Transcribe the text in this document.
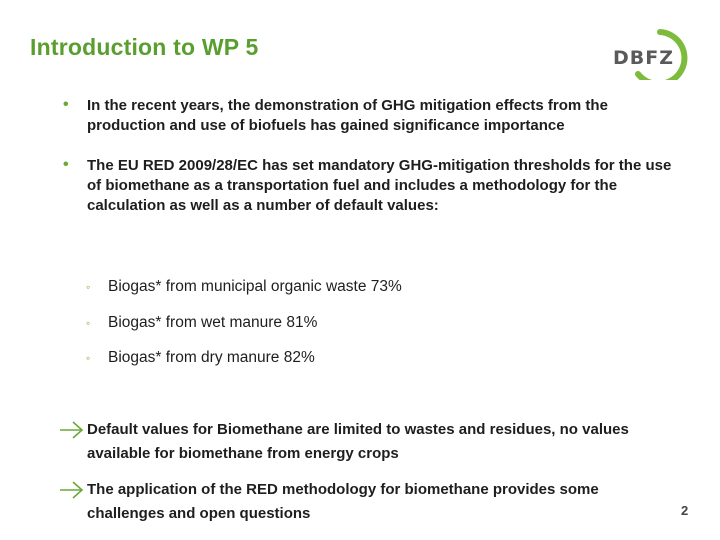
Introduction to WP 5	DBFZ
• In the recent years, the demonstration of GHG mitigation effects from the production and use of biofuels has gained significance importance
• The EU RED 2009/28/EC has set mandatory GHG-mitigation thresholds for the use of biomethane as a transportation fuel and includes a methodology for the calculation as well as a number of default values:
◦ Biogas* from municipal organic waste 73%
◦ Biogas* from wet manure 81%
◦ Biogas* from dry manure 82%
Default values for Biomethane are limited to wastes and residues, no values available for biomethane from energy crops
The application of the RED methodology for biomethane provides some challenges and open questions	2
